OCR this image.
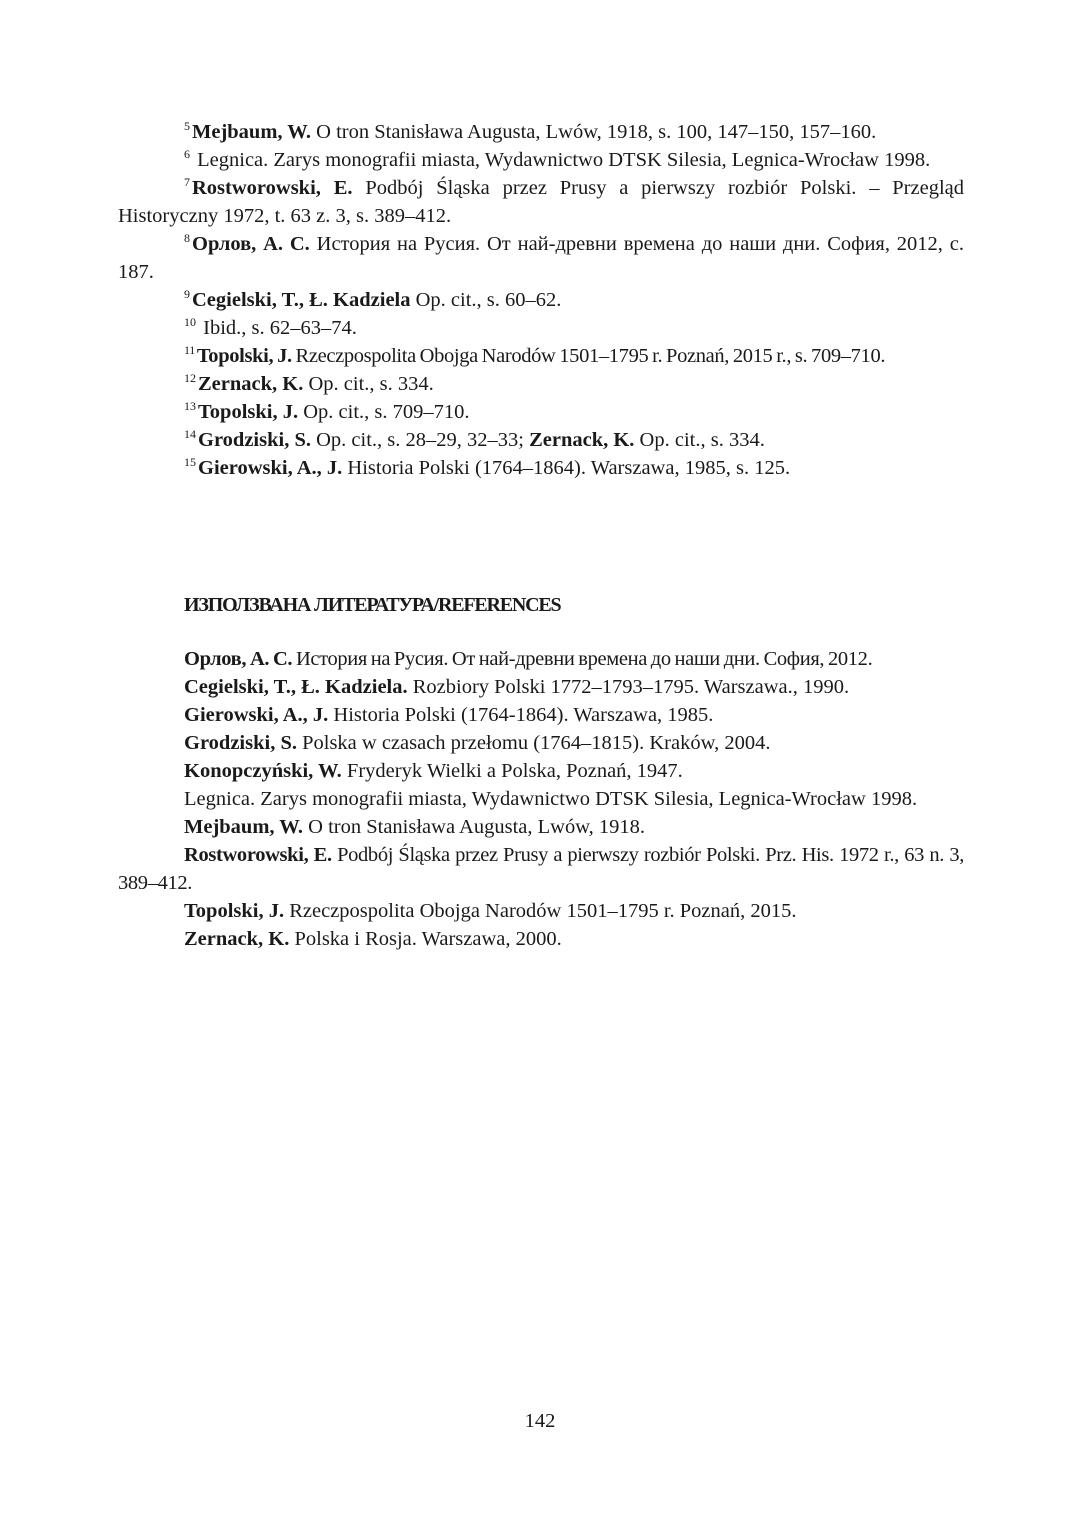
$^5$Mejbaum, W. O tron Stanisława Augusta, Lwów, 1918, s. 100, 147–150, 157–160.

$^6$ Legnica. Zarys monografii miasta, Wydawnictwo DTSK Silesia, Legnica-Wrocław 1998.

$^7$Rostworowski, E. Podbój Śląska przez Prusy a pierwszy rozbiór Polski. – Przegląd Historyczny 1972, t. 63 z. 3, s. 389–412.

$^8$Орлов, А. С. История на Русия. От най-древни времена до наши дни. София, 2012, с. 187.

$^9$Cegielski, T., Ł. Kadziela Op. cit., s. 60–62.

$^{10}$ Ibid., s. 62–63–74.

$^{11}$Topolski, J. Rzeczpospolita Obojga Narodów 1501–1795 r. Poznań, 2015 r., s. 709–710.

$^{12}$Zernack, K. Op. cit., s. 334.

$^{13}$Topolski, J. Op. cit., s. 709–710.

$^{14}$Grodziski, S. Op. cit., s. 28–29, 32–33; Zernack, K. Op. cit., s. 334.

$^{15}$Gierowski, A., J. Historia Polski (1764–1864). Warszawa, 1985, s. 125.

ИЗПОЛЗВАНА ЛИТЕРАТУРА/REFERENCES

Орлов, А. С. История на Русия. От най-древни времена до наши дни. София, 2012.

Cegielski, T., Ł. Kadziela. Rozbiory Polski 1772–1793–1795. Warszawa., 1990.

Gierowski, A., J. Historia Polski (1764-1864). Warszawa, 1985.

Grodziski, S. Polska w czasach przełomu (1764–1815). Kraków, 2004.

Konopczyński, W. Fryderyk Wielki a Polska, Poznań, 1947.

Legnica. Zarys monografii miasta, Wydawnictwo DTSK Silesia, Legnica-Wrocław 1998.

Mejbaum, W. O tron Stanisława Augusta, Lwów, 1918.

Rostworowski, E. Podbój Śląska przez Prusy a pierwszy rozbiór Polski. Prz. His. 1972 r., 63 n. 3, 389–412.

Topolski, J. Rzeczpospolita Obojga Narodów 1501–1795 r. Poznań, 2015.

Zernack, K. Polska i Rosja. Warszawa, 2000.

142
